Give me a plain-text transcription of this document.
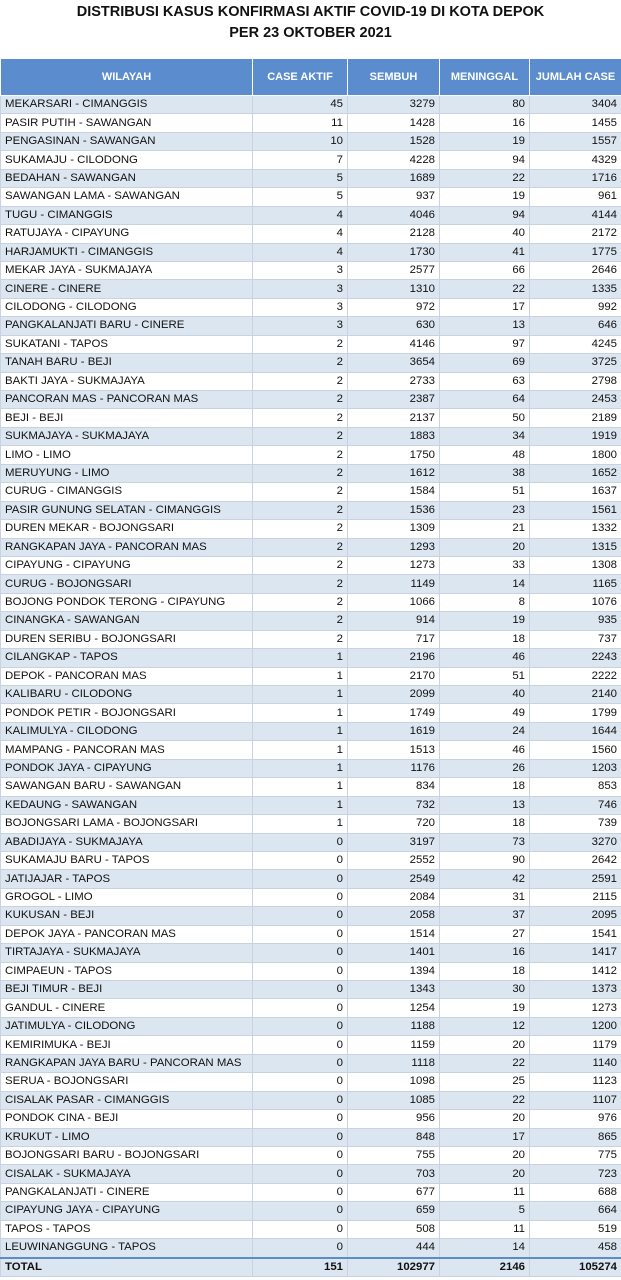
DISTRIBUSI KASUS KONFIRMASI AKTIF COVID-19 DI KOTA DEPOK
PER 23 OKTOBER 2021
WILAYAH	CASE AKTIF	SEMBUH	MENINGGAL	JUMLAH CASE
MEKARSARI - CIMANGGIS	45	3279	80	3404
PASIR PUTIH - SAWANGAN	11	1428	16	1455
PENGASINAN - SAWANGAN	10	1528	19	1557
SUKAMAJU - CILODONG	7	4228	94	4329
BEDAHAN - SAWANGAN	5	1689	22	1716
SAWANGAN LAMA - SAWANGAN	5	937	19	961
TUGU - CIMANGGIS	4	4046	94	4144
RATUJAYA - CIPAYUNG	4	2128	40	2172
HARJAMUKTI - CIMANGGIS	4	1730	41	1775
MEKAR JAYA - SUKMAJAYA	3	2577	66	2646
CINERE - CINERE	3	1310	22	1335
CILODONG - CILODONG	3	972	17	992
PANGKALANJATI BARU - CINERE	3	630	13	646
SUKATANI - TAPOS	2	4146	97	4245
TANAH BARU - BEJI	2	3654	69	3725
BAKTI JAYA - SUKMAJAYA	2	2733	63	2798
PANCORAN MAS - PANCORAN MAS	2	2387	64	2453
BEJI - BEJI	2	2137	50	2189
SUKMAJAYA - SUKMAJAYA	2	1883	34	1919
LIMO - LIMO	2	1750	48	1800
MERUYUNG - LIMO	2	1612	38	1652
CURUG - CIMANGGIS	2	1584	51	1637
PASIR GUNUNG SELATAN - CIMANGGIS	2	1536	23	1561
DUREN MEKAR - BOJONGSARI	2	1309	21	1332
RANGKAPAN JAYA - PANCORAN MAS	2	1293	20	1315
CIPAYUNG - CIPAYUNG	2	1273	33	1308
CURUG - BOJONGSARI	2	1149	14	1165
BOJONG PONDOK TERONG - CIPAYUNG	2	1066	8	1076
CINANGKA - SAWANGAN	2	914	19	935
DUREN SERIBU - BOJONGSARI	2	717	18	737
CILANGKAP - TAPOS	1	2196	46	2243
DEPOK - PANCORAN MAS	1	2170	51	2222
KALIBARU - CILODONG	1	2099	40	2140
PONDOK PETIR - BOJONGSARI	1	1749	49	1799
KALIMULYA - CILODONG	1	1619	24	1644
MAMPANG - PANCORAN MAS	1	1513	46	1560
PONDOK JAYA - CIPAYUNG	1	1176	26	1203
SAWANGAN BARU - SAWANGAN	1	834	18	853
KEDAUNG - SAWANGAN	1	732	13	746
BOJONGSARI LAMA - BOJONGSARI	1	720	18	739
ABADIJAYA - SUKMAJAYA	0	3197	73	3270
SUKAMAJU BARU - TAPOS	0	2552	90	2642
JATIJAJAR - TAPOS	0	2549	42	2591
GROGOL - LIMO	0	2084	31	2115
KUKUSAN - BEJI	0	2058	37	2095
DEPOK JAYA - PANCORAN MAS	0	1514	27	1541
TIRTAJAYA - SUKMAJAYA	0	1401	16	1417
CIMPAEUN - TAPOS	0	1394	18	1412
BEJI TIMUR - BEJI	0	1343	30	1373
GANDUL - CINERE	0	1254	19	1273
JATIMULYA - CILODONG	0	1188	12	1200
KEMIRIMUKA - BEJI	0	1159	20	1179
RANGKAPAN JAYA BARU - PANCORAN MAS	0	1118	22	1140
SERUA - BOJONGSARI	0	1098	25	1123
CISALAK PASAR - CIMANGGIS	0	1085	22	1107
PONDOK CINA - BEJI	0	956	20	976
KRUKUT - LIMO	0	848	17	865
BOJONGSARI BARU - BOJONGSARI	0	755	20	775
CISALAK - SUKMAJAYA	0	703	20	723
PANGKALANJATI - CINERE	0	677	11	688
CIPAYUNG JAYA - CIPAYUNG	0	659	5	664
TAPOS - TAPOS	0	508	11	519
LEUWINANGGUNG - TAPOS	0	444	14	458
TOTAL	151	102977	2146	105274
